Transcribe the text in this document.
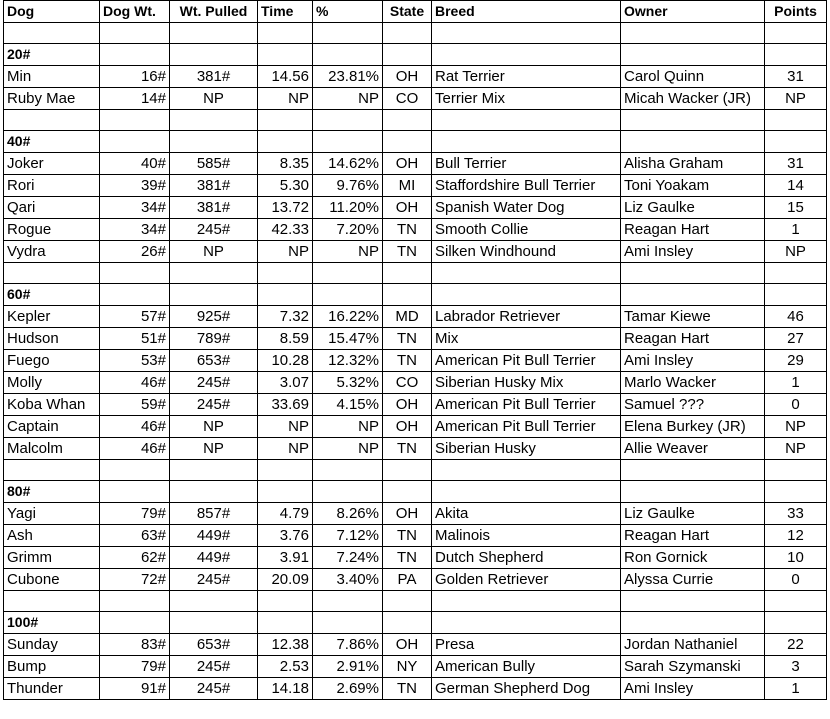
Dog	Dog Wt.	Wt. Pulled	Time	%	State	Breed	Owner	Points

20#								
Min	16#	381#	14.56	23.81%	OH	Rat Terrier	Carol Quinn	31
Ruby Mae	14#	NP	NP	NP	CO	Terrier Mix	Micah Wacker (JR)	NP

40#								
Joker	40#	585#	8.35	14.62%	OH	Bull Terrier	Alisha Graham	31
Rori	39#	381#	5.30	9.76%	MI	Staffordshire Bull Terrier	Toni Yoakam	14
Qari	34#	381#	13.72	11.20%	OH	Spanish Water Dog	Liz Gaulke	15
Rogue	34#	245#	42.33	7.20%	TN	Smooth Collie	Reagan Hart	1
Vydra	26#	NP	NP	NP	TN	Silken Windhound	Ami Insley	NP

60#								
Kepler	57#	925#	7.32	16.22%	MD	Labrador Retriever	Tamar Kiewe	46
Hudson	51#	789#	8.59	15.47%	TN	Mix	Reagan Hart	27
Fuego	53#	653#	10.28	12.32%	TN	American Pit Bull Terrier	Ami Insley	29
Molly	46#	245#	3.07	5.32%	CO	Siberian Husky Mix	Marlo Wacker	1
Koba Whan	59#	245#	33.69	4.15%	OH	American Pit Bull Terrier	Samuel ???	0
Captain	46#	NP	NP	NP	OH	American Pit Bull Terrier	Elena Burkey (JR)	NP
Malcolm	46#	NP	NP	NP	TN	Siberian Husky	Allie Weaver	NP

80#								
Yagi	79#	857#	4.79	8.26%	OH	Akita	Liz Gaulke	33
Ash	63#	449#	3.76	7.12%	TN	Malinois	Reagan Hart	12
Grimm	62#	449#	3.91	7.24%	TN	Dutch Shepherd	Ron Gornick	10
Cubone	72#	245#	20.09	3.40%	PA	Golden Retriever	Alyssa Currie	0

100#								
Sunday	83#	653#	12.38	7.86%	OH	Presa	Jordan Nathaniel	22
Bump	79#	245#	2.53	2.91%	NY	American Bully	Sarah Szymanski	3
Thunder	91#	245#	14.18	2.69%	TN	German Shepherd Dog	Ami Insley	1
